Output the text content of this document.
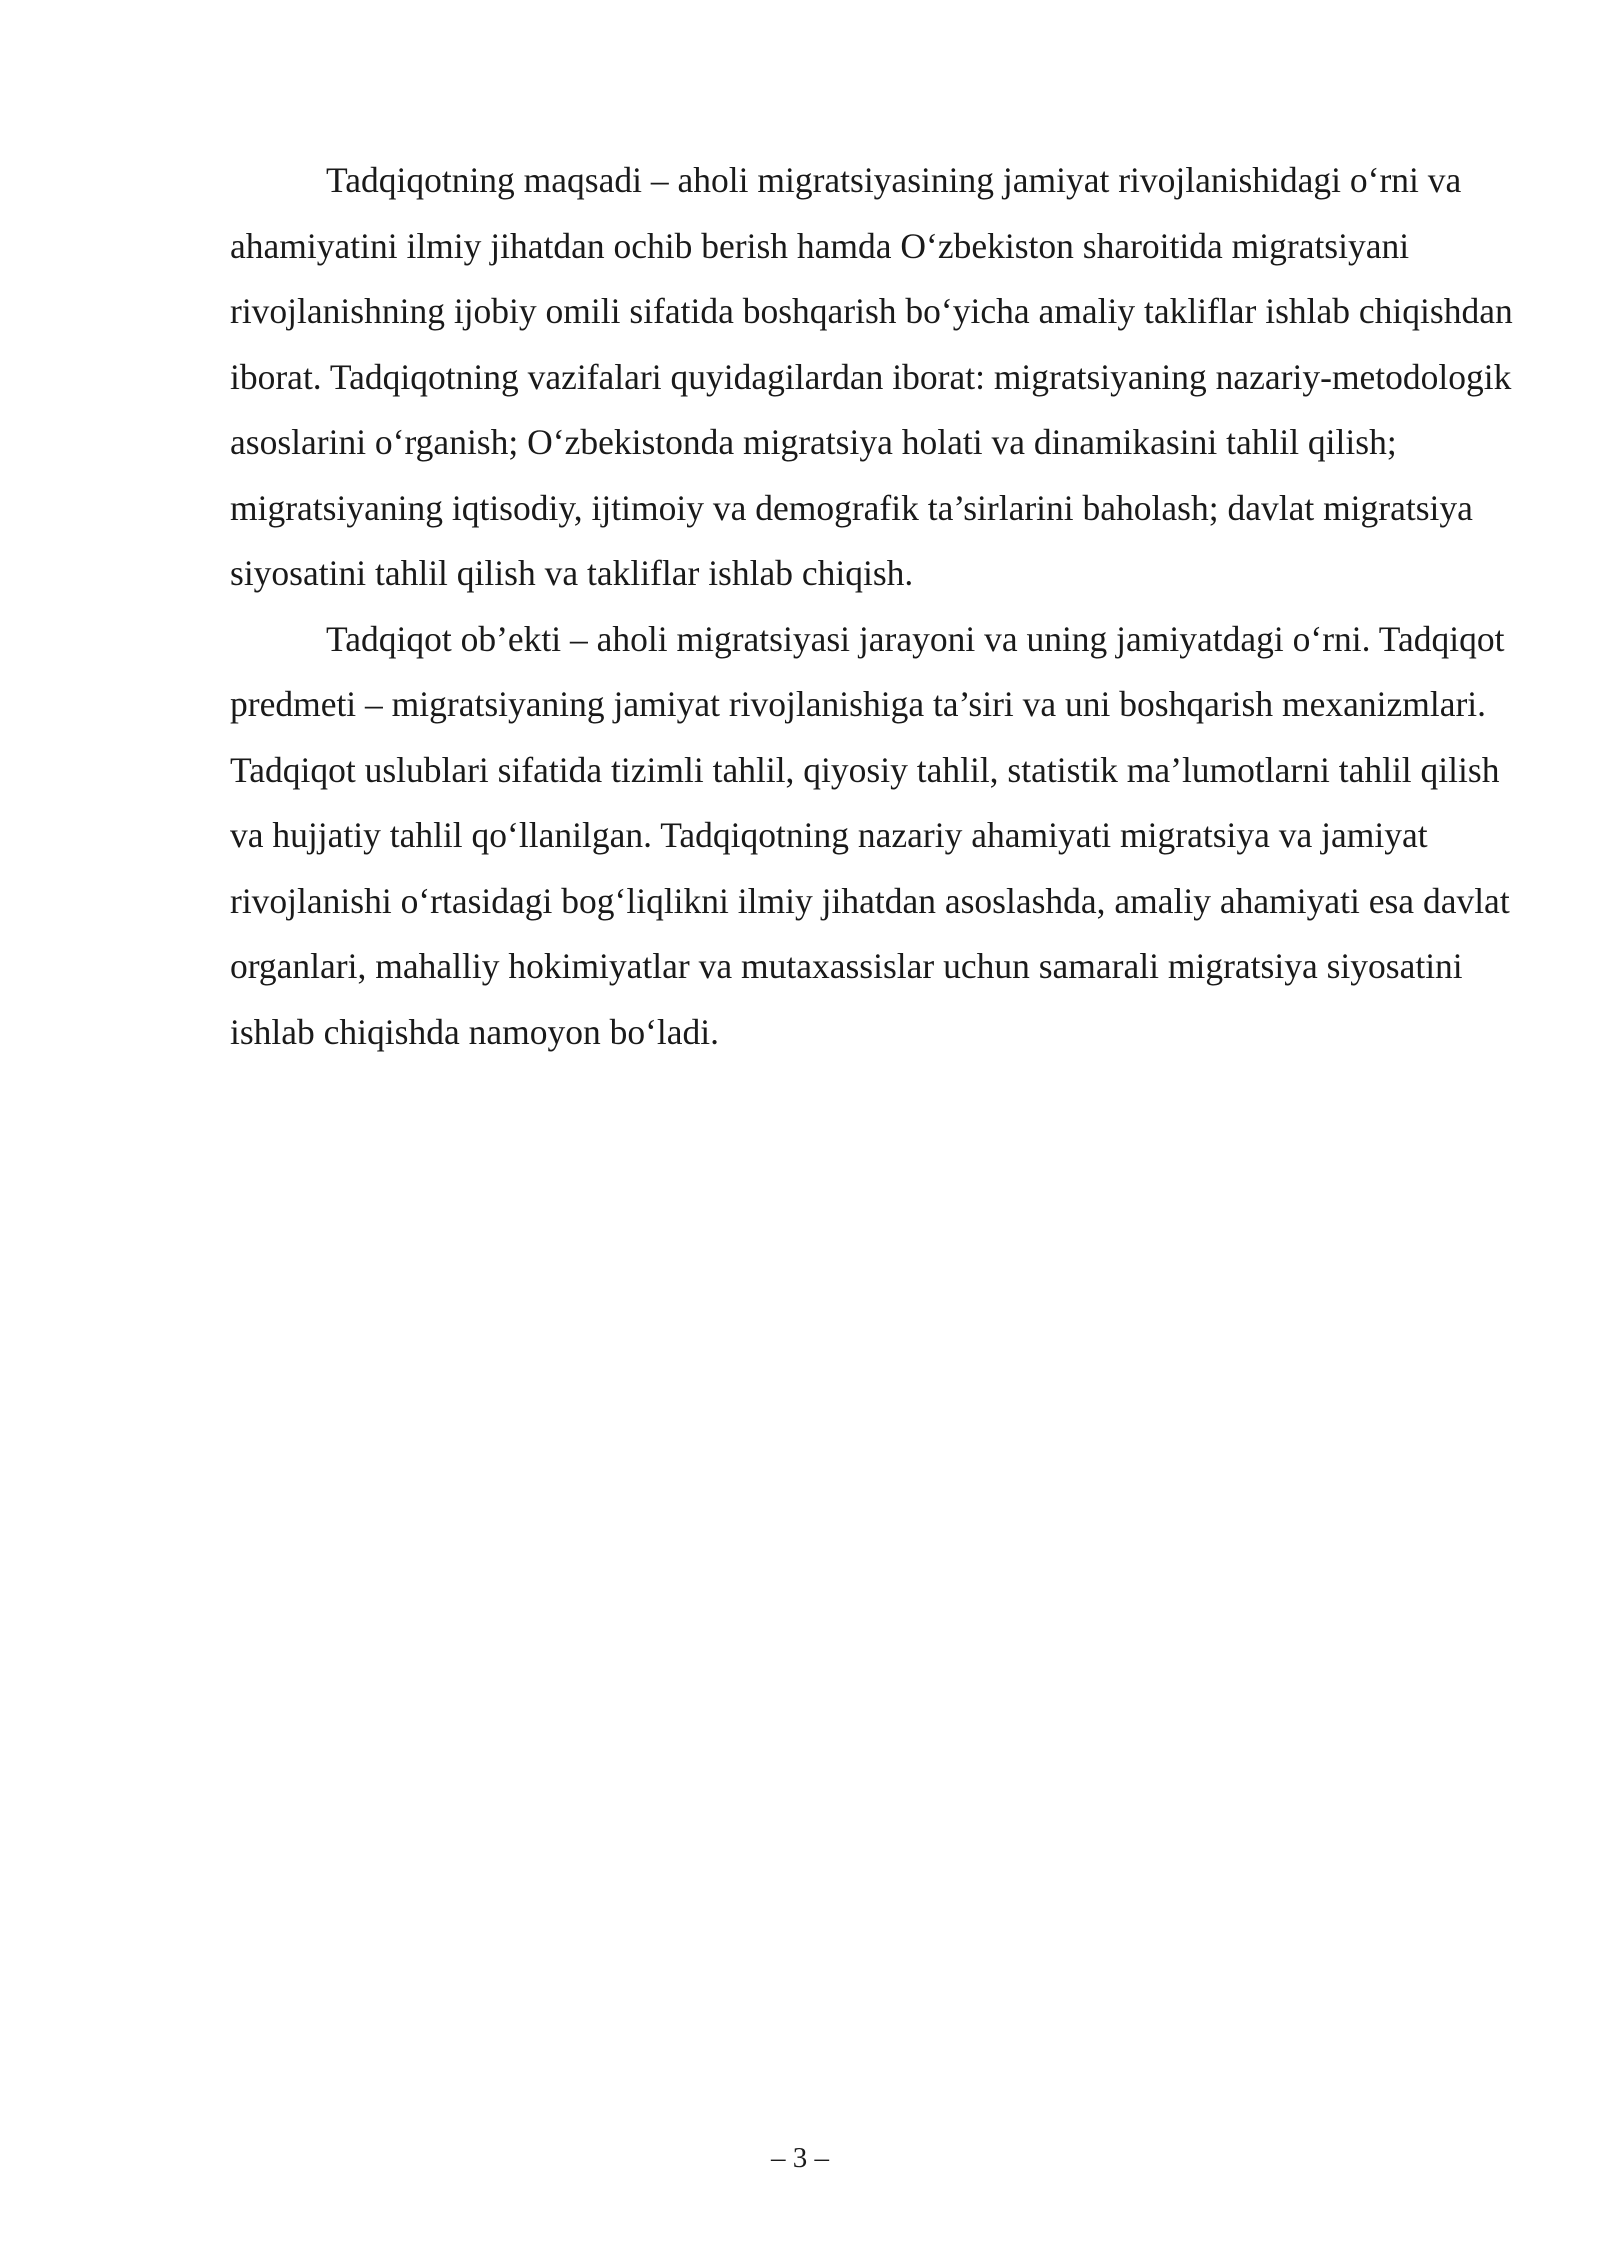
Tadqiqotning maqsadi – aholi migratsiyasining jamiyat rivojlanishidagi o‘rni va ahamiyatini ilmiy jihatdan ochib berish hamda O‘zbekiston sharoitida migratsiyani rivojlanishning ijobiy omili sifatida boshqarish bo‘yicha amaliy takliflar ishlab chiqishdan iborat. Tadqiqotning vazifalari quyidagilardan iborat: migratsiyaning nazariy-metodologik asoslarini o‘rganish; O‘zbekistonda migratsiya holati va dinamikasini tahlil qilish; migratsiyaning iqtisodiy, ijtimoiy va demografik ta’sirlarini baholash; davlat migratsiya siyosatini tahlil qilish va takliflar ishlab chiqish.

Tadqiqot ob’ekti – aholi migratsiyasi jarayoni va uning jamiyatdagi o‘rni. Tadqiqot predmeti – migratsiyaning jamiyat rivojlanishiga ta’siri va uni boshqarish mexanizmlari. Tadqiqot uslublari sifatida tizimli tahlil, qiyosiy tahlil, statistik ma’lumotlarni tahlil qilish va hujjatiy tahlil qo‘llanilgan. Tadqiqotning nazariy ahamiyati migratsiya va jamiyat rivojlanishi o‘rtasidagi bog‘liqlikni ilmiy jihatdan asoslashda, amaliy ahamiyati esa davlat organlari, mahalliy hokimiyatlar va mutaxassislar uchun samarali migratsiya siyosatini ishlab chiqishda namoyon bo‘ladi.

– 3 –
